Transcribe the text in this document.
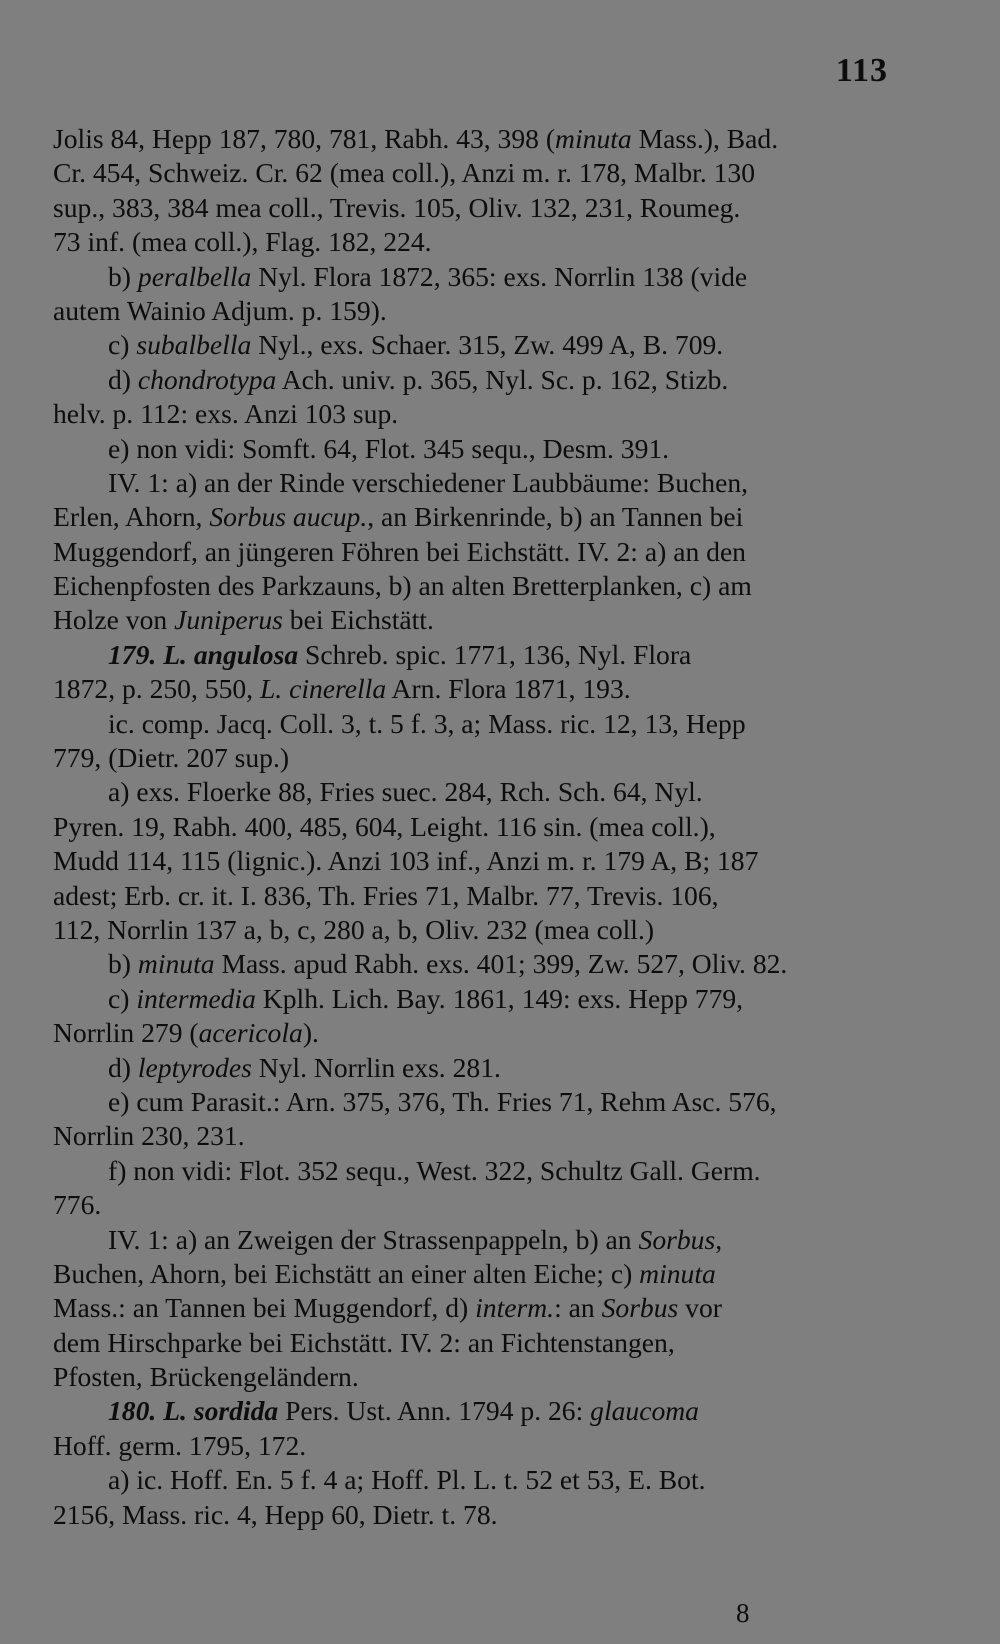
113
Jolis 84, Hepp 187, 780, 781, Rabh. 43, 398 (minuta Mass.), Bad.
Cr. 454, Schweiz. Cr. 62 (mea coll.), Anzi m. r. 178, Malbr. 130
sup., 383, 384 mea coll., Trevis. 105, Oliv. 132, 231, Roumeg.
73 inf. (mea coll.), Flag. 182, 224.
b) peralbella Nyl. Flora 1872, 365: exs. Norrlin 138 (vide
autem Wainio Adjum. p. 159).
c) subalbella Nyl., exs. Schaer. 315, Zw. 499 A, B. 709.
d) chondrotypa Ach. univ. p. 365, Nyl. Sc. p. 162, Stizb.
helv. p. 112: exs. Anzi 103 sup.
e) non vidi: Somft. 64, Flot. 345 sequ., Desm. 391.
IV. 1: a) an der Rinde verschiedener Laubbäume: Buchen,
Erlen, Ahorn, Sorbus aucup., an Birkenrinde, b) an Tannen bei
Muggendorf, an jüngeren Föhren bei Eichstätt. IV. 2: a) an den
Eichenpfosten des Parkzauns, b) an alten Bretterplanken, c) am
Holze von Juniperus bei Eichstätt.
179. L. angulosa Schreb. spic. 1771, 136, Nyl. Flora
1872, p. 250, 550, L. cinerella Arn. Flora 1871, 193.
ic. comp. Jacq. Coll. 3, t. 5 f. 3, a; Mass. ric. 12, 13, Hepp
779, (Dietr. 207 sup.)
a) exs. Floerke 88, Fries suec. 284, Rch. Sch. 64, Nyl.
Pyren. 19, Rabh. 400, 485, 604, Leight. 116 sin. (mea coll.),
Mudd 114, 115 (lignic.). Anzi 103 inf., Anzi m. r. 179 A, B; 187
adest; Erb. cr. it. I. 836, Th. Fries 71, Malbr. 77, Trevis. 106,
112, Norrlin 137 a, b, c, 280 a, b, Oliv. 232 (mea coll.)
b) minuta Mass. apud Rabh. exs. 401; 399, Zw. 527, Oliv. 82.
c) intermedia Kplh. Lich. Bay. 1861, 149: exs. Hepp 779,
Norrlin 279 (acericola).
d) leptyrodes Nyl. Norrlin exs. 281.
e) cum Parasit.: Arn. 375, 376, Th. Fries 71, Rehm Asc. 576,
Norrlin 230, 231.
f) non vidi: Flot. 352 sequ., West. 322, Schultz Gall. Germ.
776.
IV. 1: a) an Zweigen der Strassenpappeln, b) an Sorbus,
Buchen, Ahorn, bei Eichstätt an einer alten Eiche; c) minuta
Mass.: an Tannen bei Muggendorf, d) interm.: an Sorbus vor
dem Hirschparke bei Eichstätt. IV. 2: an Fichtenstangen,
Pfosten, Brückengeländern.
180. L. sordida Pers. Ust. Ann. 1794 p. 26: glaucoma
Hoff. germ. 1795, 172.
a) ic. Hoff. En. 5 f. 4 a; Hoff. Pl. L. t. 52 et 53, E. Bot.
2156, Mass. ric. 4, Hepp 60, Dietr. t. 78.
8
